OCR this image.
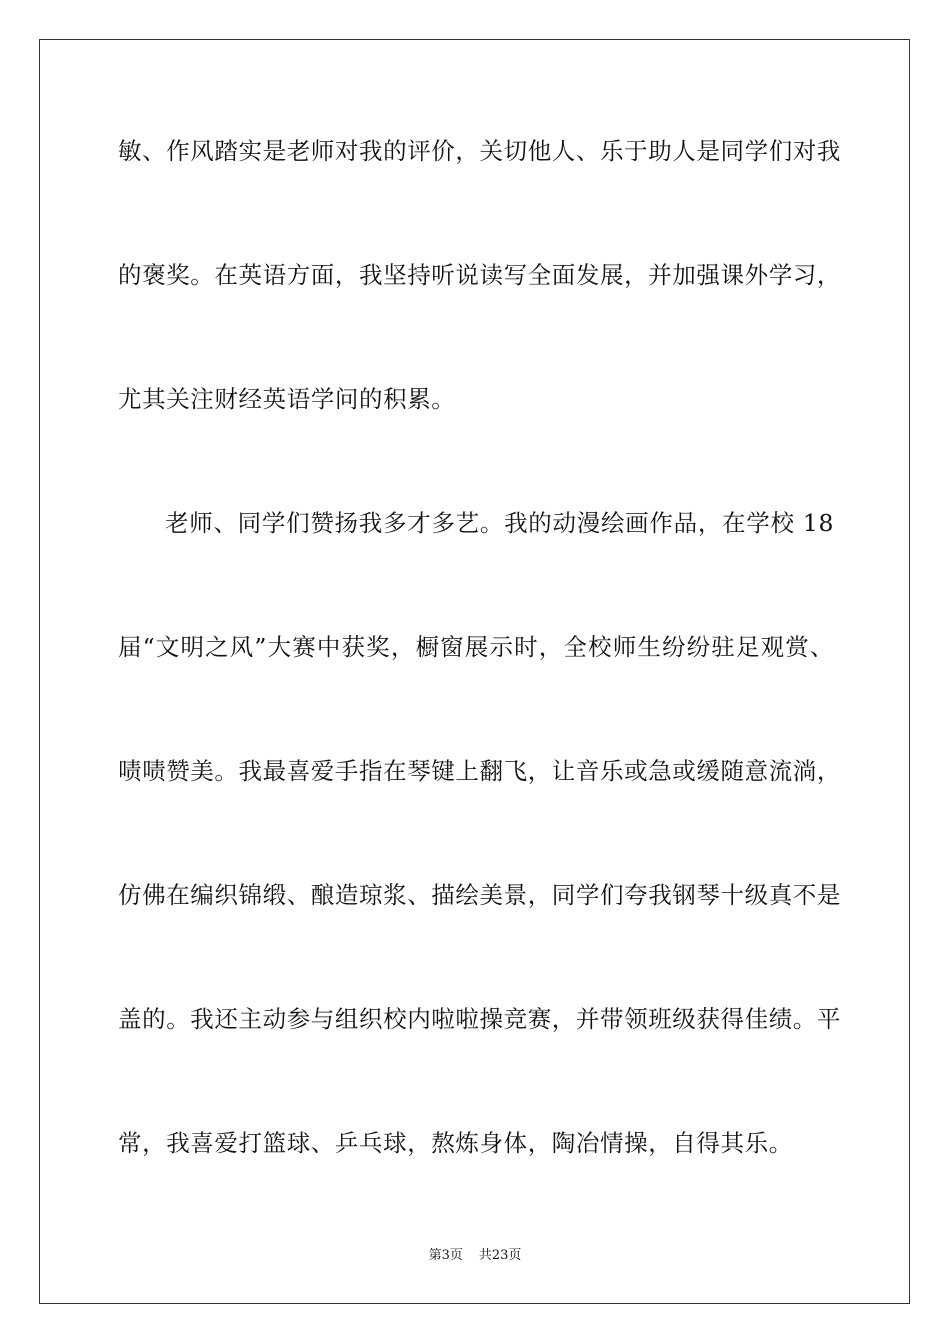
敏、作风踏实是老师对我的评价，关切他人、乐于助人是同学们对我
的褒奖。在英语方面，我坚持听说读写全面发展，并加强课外学习，
尤其关注财经英语学问的积累。
老师、同学们赞扬我多才多艺。我的动漫绘画作品，在学校 18
届“文明之风”大赛中获奖，橱窗展示时，全校师生纷纷驻足观赏、
啧啧赞美。我最喜爱手指在琴键上翻飞，让音乐或急或缓随意流淌，
仿佛在编织锦缎、酿造琼浆、描绘美景，同学们夸我钢琴十级真不是
盖的。我还主动参与组织校内啦啦操竞赛，并带领班级获得佳绩。平
常，我喜爱打篮球、乒乓球，熬炼身体，陶冶情操，自得其乐。
第3页 共23页
